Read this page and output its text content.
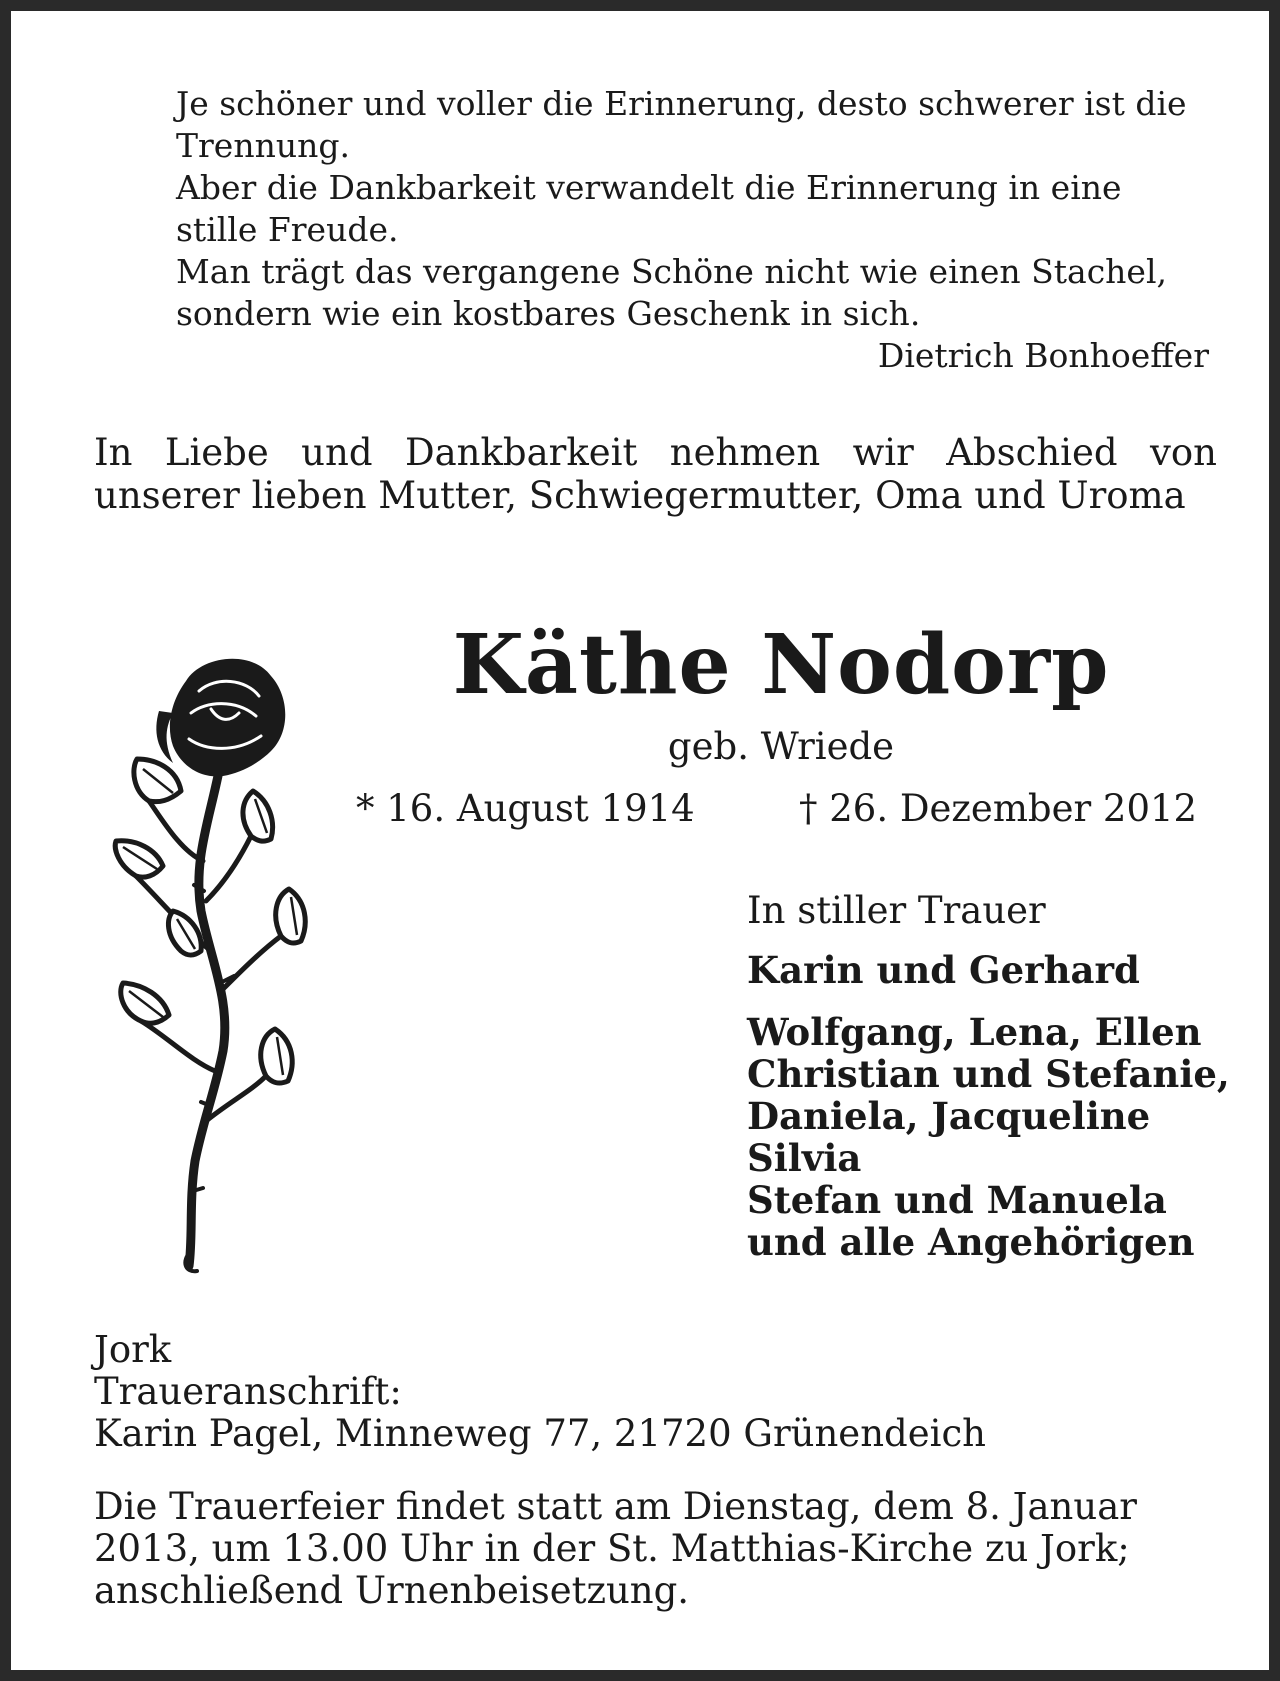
Je schöner und voller die Erinnerung, desto schwerer ist die
Trennung.
Aber die Dankbarkeit verwandelt die Erinnerung in eine
stille Freude.
Man trägt das vergangene Schöne nicht wie einen Stachel,
sondern wie ein kostbares Geschenk in sich.
Dietrich Bonhoeffer
In Liebe und Dankbarkeit nehmen wir Abschied von unserer lieben Mutter, Schwiegermutter, Oma und Uroma
Käthe Nodorp
geb. Wriede
* 16. August 1914	† 26. Dezember 2012
In stiller Trauer
Karin und Gerhard
Wolfgang, Lena, Ellen
Christian und Stefanie,
Daniela, Jacqueline
Silvia
Stefan und Manuela
und alle Angehörigen
Jork
Traueranschrift:
Karin Pagel, Minneweg 77, 21720 Grünendeich
Die Trauerfeier findet statt am Dienstag, dem 8. Januar
2013, um 13.00 Uhr in der St. Matthias-Kirche zu Jork;
anschließend Urnenbeisetzung.
